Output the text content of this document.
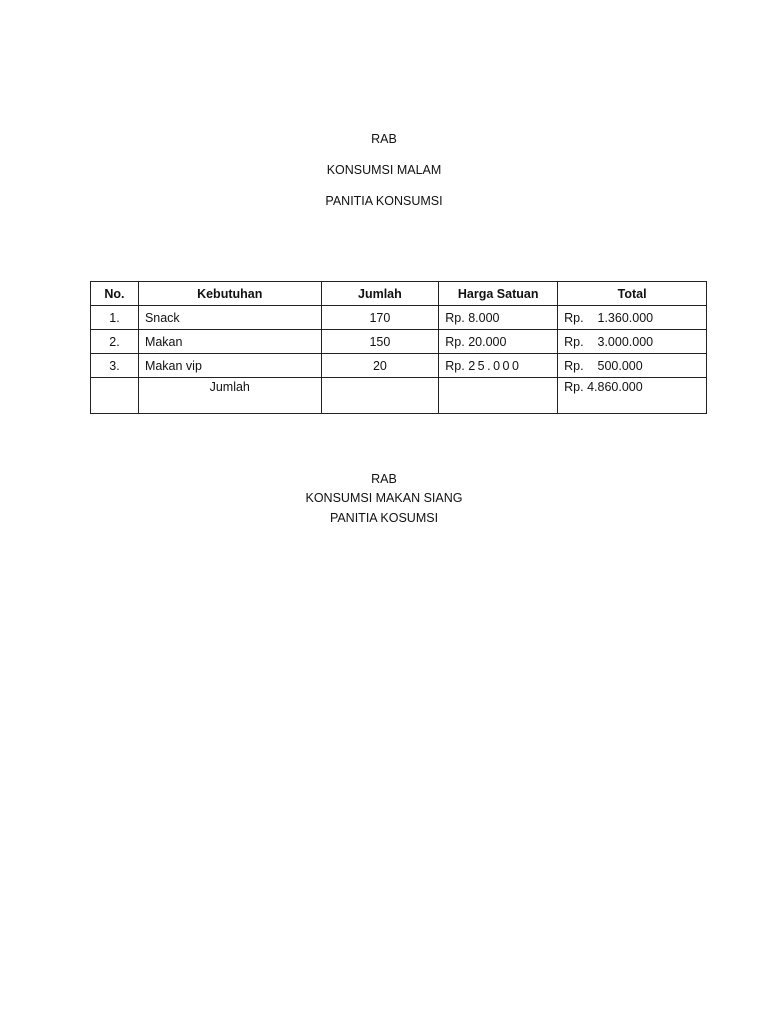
RAB
KONSUMSI MALAM
PANITIA KONSUMSI
No.	Kebutuhan	Jumlah	Harga Satuan	Total
1.	Snack	170	Rp. 8.000	Rp.    1.360.000
2.	Makan	150	Rp. 20.000	Rp.    3.000.000
3.	Makan vip	20	Rp. 25.000	Rp.    500.000
	Jumlah			Rp. 4.860.000
RAB
KONSUMSI MAKAN SIANG
PANITIA KOSUMSI
